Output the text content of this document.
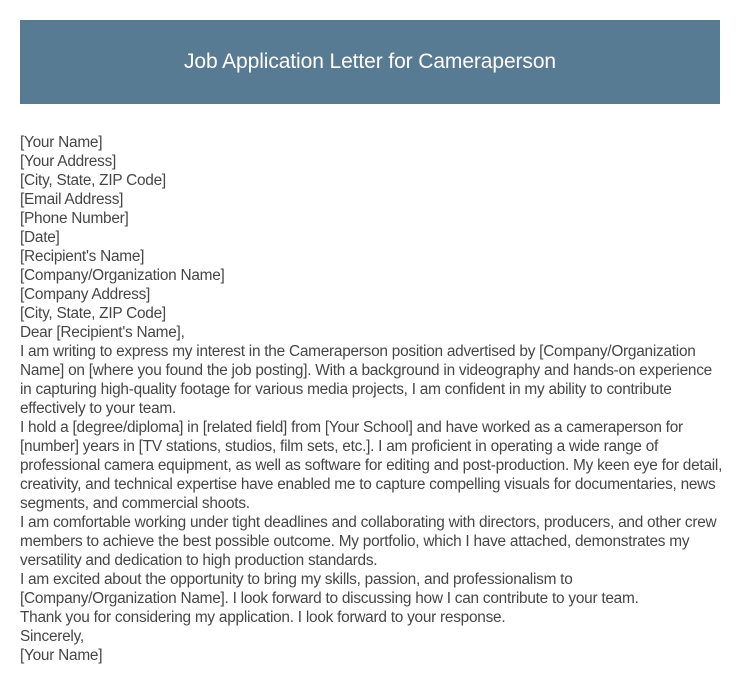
Job Application Letter for Cameraperson

[Your Name]

[Your Address]

[City, State, ZIP Code]

[Email Address]

[Phone Number]

[Date]

[Recipient's Name]

[Company/Organization Name]

[Company Address]

[City, State, ZIP Code]

Dear [Recipient's Name],

I am writing to express my interest in the Cameraperson position advertised by [Company/Organization Name] on [where you found the job posting]. With a background in videography and hands-on experience in capturing high-quality footage for various media projects, I am confident in my ability to contribute effectively to your team.

I hold a [degree/diploma] in [related field] from [Your School] and have worked as a cameraperson for [number] years in [TV stations, studios, film sets, etc.]. I am proficient in operating a wide range of professional camera equipment, as well as software for editing and post-production. My keen eye for detail, creativity, and technical expertise have enabled me to capture compelling visuals for documentaries, news segments, and commercial shoots.

I am comfortable working under tight deadlines and collaborating with directors, producers, and other crew members to achieve the best possible outcome. My portfolio, which I have attached, demonstrates my versatility and dedication to high production standards.

I am excited about the opportunity to bring my skills, passion, and professionalism to [Company/Organization Name]. I look forward to discussing how I can contribute to your team.

Thank you for considering my application. I look forward to your response.

Sincerely,

[Your Name]
